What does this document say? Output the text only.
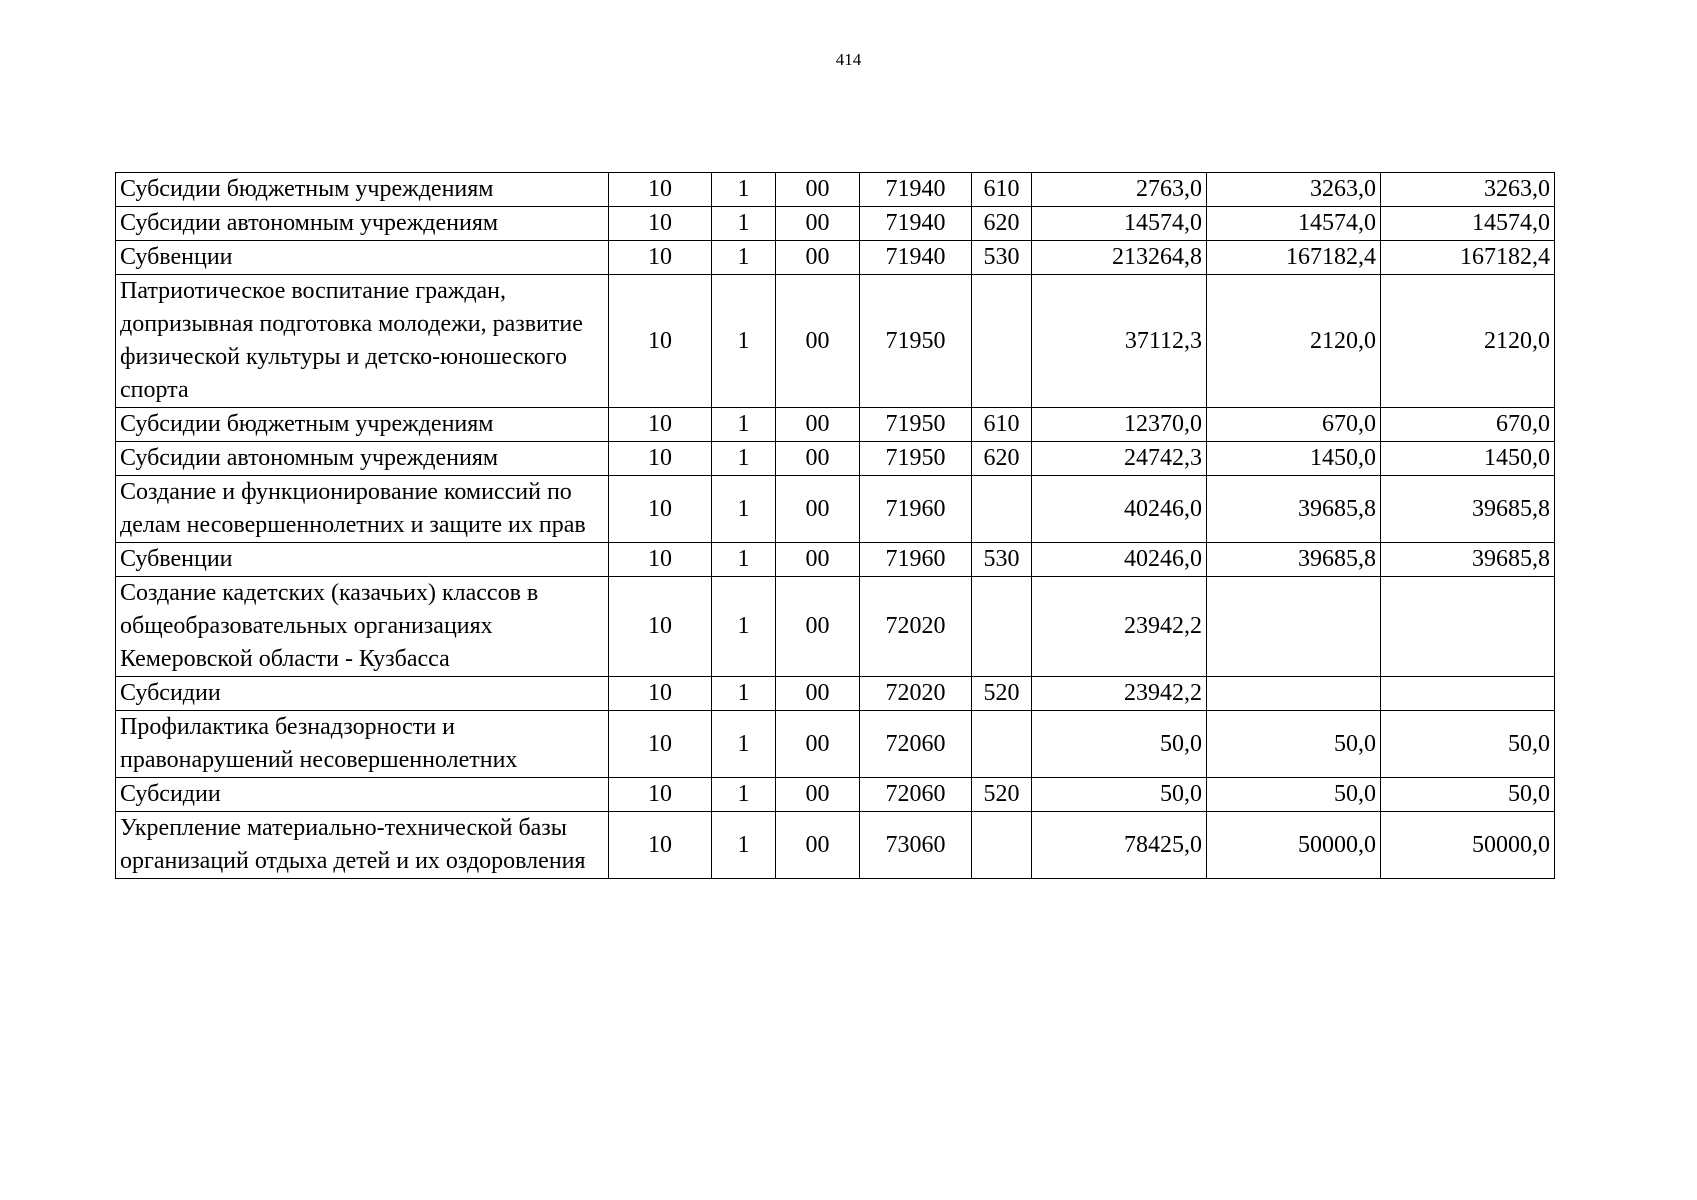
414
Субсидии бюджетным учреждениям	10	1	00	71940	610	2763,0	3263,0	3263,0
Субсидии автономным учреждениям	10	1	00	71940	620	14574,0	14574,0	14574,0
Субвенции	10	1	00	71940	530	213264,8	167182,4	167182,4
Патриотическое воспитание граждан, допризывная подготовка молодежи, развитие физической культуры и детско-юношеского спорта	10	1	00	71950		37112,3	2120,0	2120,0
Субсидии бюджетным учреждениям	10	1	00	71950	610	12370,0	670,0	670,0
Субсидии автономным учреждениям	10	1	00	71950	620	24742,3	1450,0	1450,0
Создание и функционирование комиссий по делам несовершеннолетних и защите их прав	10	1	00	71960		40246,0	39685,8	39685,8
Субвенции	10	1	00	71960	530	40246,0	39685,8	39685,8
Создание кадетских (казачьих) классов в общеобразовательных организациях Кемеровской области - Кузбасса	10	1	00	72020		23942,2		
Субсидии	10	1	00	72020	520	23942,2		
Профилактика безнадзорности и правонарушений несовершеннолетних	10	1	00	72060		50,0	50,0	50,0
Субсидии	10	1	00	72060	520	50,0	50,0	50,0
Укрепление материально-технической базы организаций отдыха детей и их оздоровления	10	1	00	73060		78425,0	50000,0	50000,0
